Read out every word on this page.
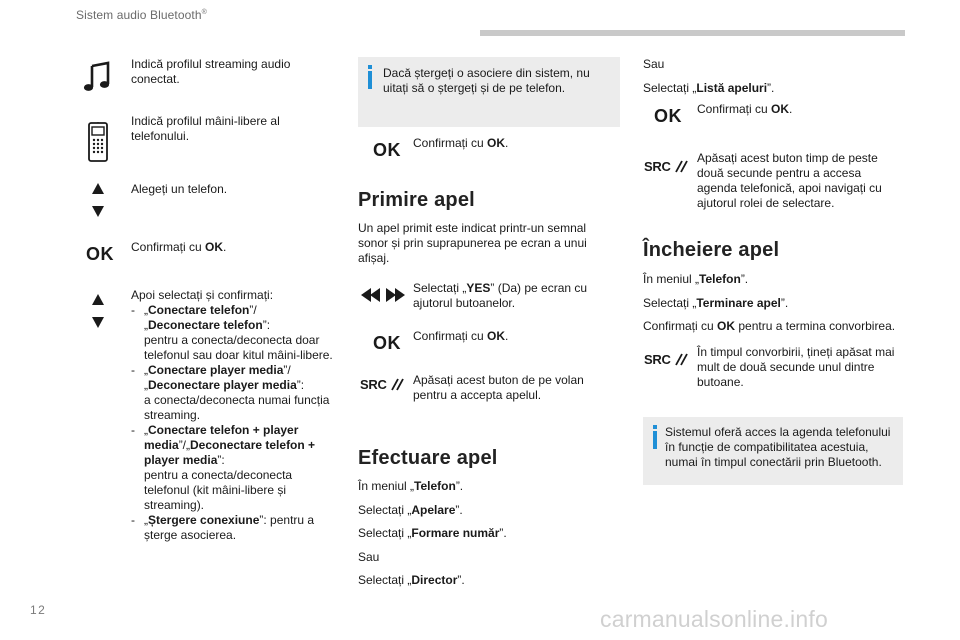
Sistem audio Bluetooth®
Indică profilul streaming audio conectat.
Indică profilul mâini-libere al telefonului.
Alegeți un telefon.
OK	Confirmați cu OK.
Apoi selectați și confirmați:
- „Conectare telefon”/
„Deconectare telefon”:
pentru a conecta/deconecta doar telefonul sau doar kitul mâini-libere.
- „Conectare player media”/
„Deconectare player media”:
a conecta/deconecta numai funcția streaming.
- „Conectare telefon + player media”/„Deconectare telefon + player media”:
pentru a conecta/deconecta telefonul (kit mâini-libere și streaming).
- „Ștergere conexiune”: pentru a șterge asocierea.
Dacă ștergeți o asociere din sistem, nu uitați să o ștergeți și de pe telefon.
OK	Confirmați cu OK.
Primire apel
Un apel primit este indicat printr-un semnal sonor și prin suprapunerea pe ecran a unui afișaj.
Selectați „YES” (Da) pe ecran cu ajutorul butoanelor.
OK	Confirmați cu OK.
SRC Apăsați acest buton de pe volan pentru a accepta apelul.
Efectuare apel
În meniul „Telefon”.
Selectați „Apelare”.
Selectați „Formare număr”.
Sau
Selectați „Director”.
Sau
Selectați „Listă apeluri”.
OK	Confirmați cu OK.
SRC
Apăsați acest buton timp de peste două secunde pentru a accesa agenda telefonică, apoi navigați cu ajutorul rolei de selectare.
Încheiere apel
În meniul „Telefon”.
Selectați „Terminare apel”.
Confirmați cu OK pentru a termina convorbirea.
SRC În timpul convorbirii, țineți apăsat mai mult de două secunde unul dintre butoane.
Sistemul oferă acces la agenda telefonului în funcție de compatibilitatea acestuia, numai în timpul conectării prin Bluetooth.
12	carmanualsonline.info
